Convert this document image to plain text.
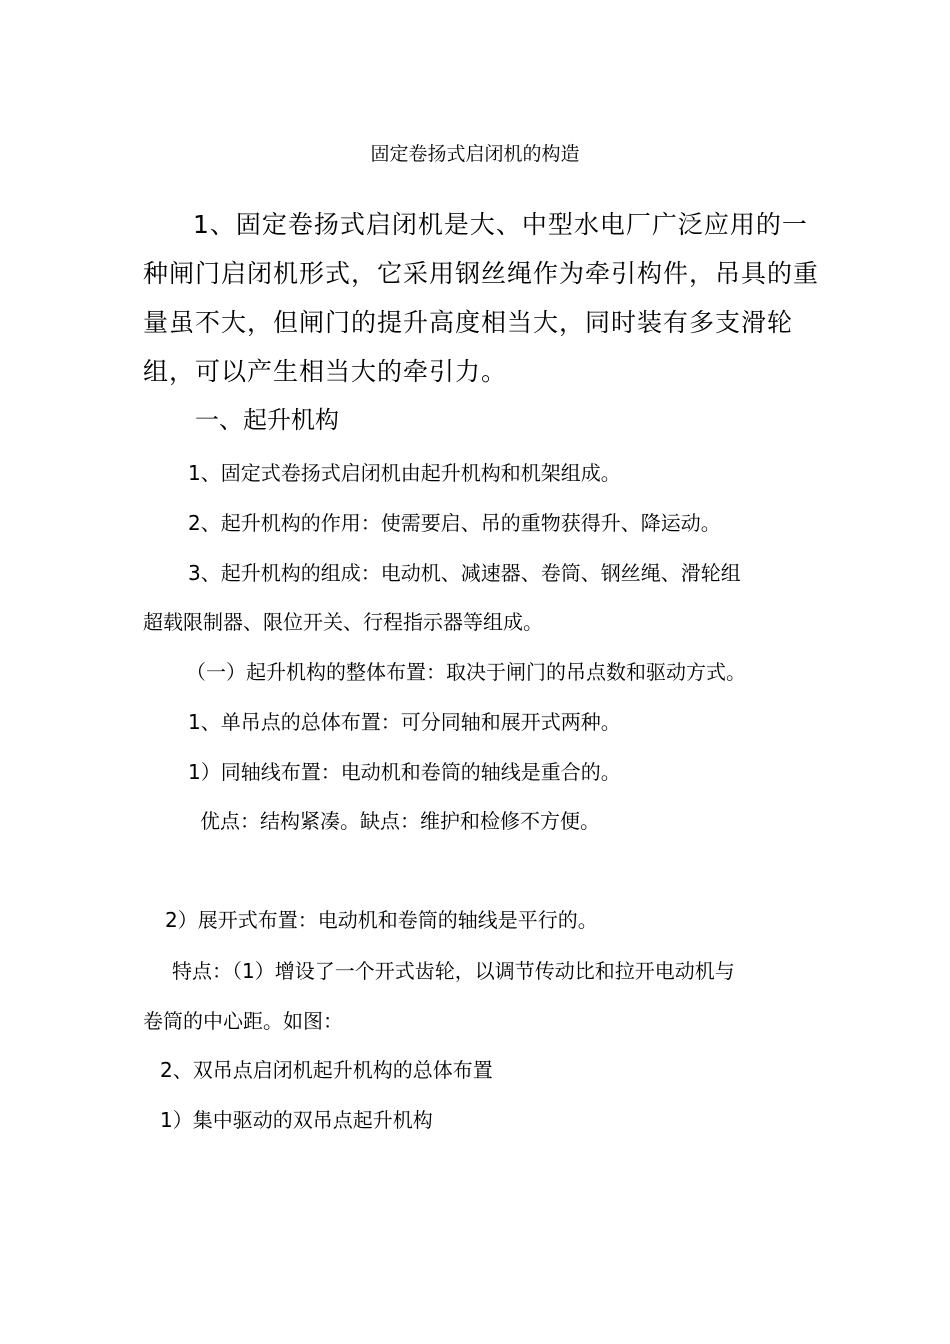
固定卷扬式启闭机的构造

1、固定卷扬式启闭机是大、中型水电厂广泛应用的一种闸门启闭机形式，它采用钢丝绳作为牵引构件，吊具的重量虽不大，但闸门的提升高度相当大，同时装有多支滑轮组，可以产生相当大的牵引力。

一、起升机构

1、固定式卷扬式启闭机由起升机构和机架组成。

2、起升机构的作用：使需要启、吊的重物获得升、降运动。

3、起升机构的组成：电动机、减速器、卷筒、钢丝绳、滑轮组

超载限制器、限位开关、行程指示器等组成。

（一）起升机构的整体布置：取决于闸门的吊点数和驱动方式。

1、单吊点的总体布置：可分同轴和展开式两种。

1）同轴线布置：电动机和卷筒的轴线是重合的。

优点：结构紧凑。缺点：维护和检修不方便。

2）展开式布置：电动机和卷筒的轴线是平行的。

特点：（1）增设了一个开式齿轮，以调节传动比和拉开电动机与

卷筒的中心距。如图：

2、双吊点启闭机起升机构的总体布置

1）集中驱动的双吊点起升机构
